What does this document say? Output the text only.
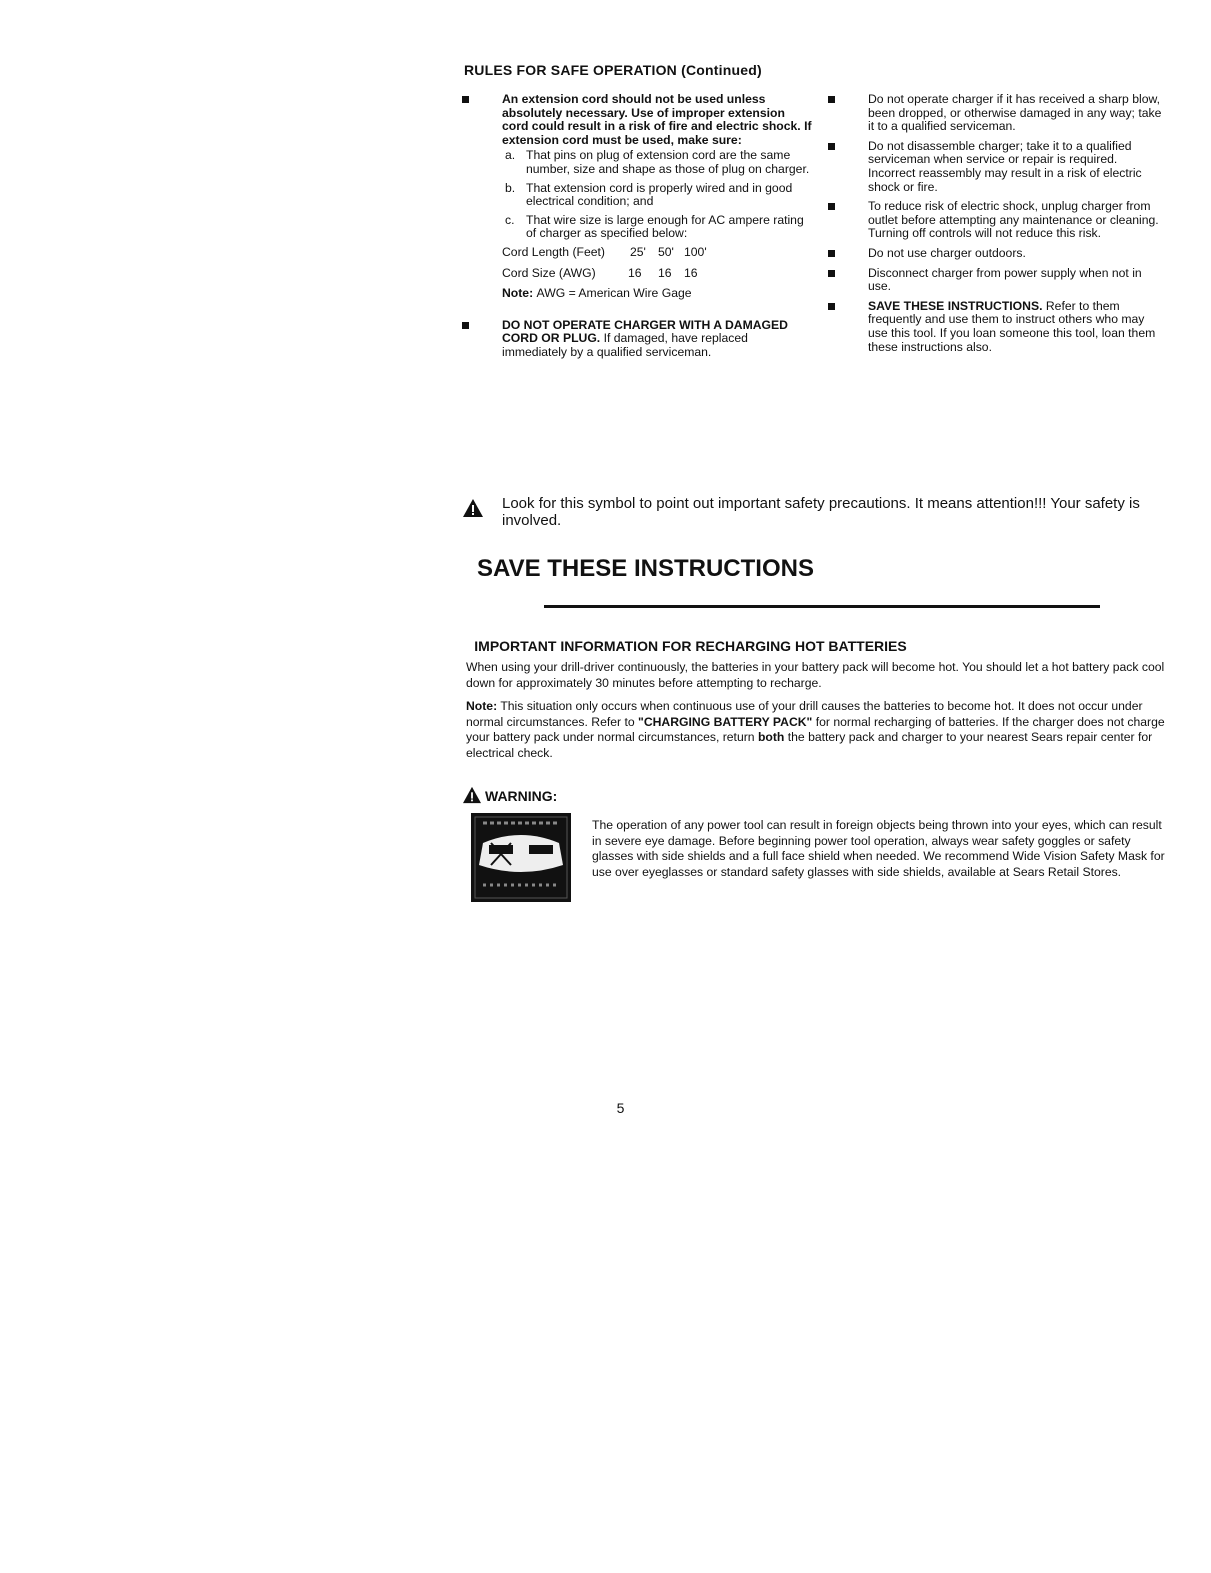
RULES FOR SAFE OPERATION (Continued)
An extension cord should not be used unless absolutely necessary. Use of improper extension cord could result in a risk of fire and electric shock. If extension cord must be used, make sure:
a. That pins on plug of extension cord are the same number, size and shape as those of plug on charger.
b. That extension cord is properly wired and in good electrical condition; and
c. That wire size is large enough for AC ampere rating of charger as specified below:
Cord Length (Feet) 25' 50' 100'
Cord Size (AWG)	16 16 16
Note: AWG = American Wire Gage
DO NOT OPERATE CHARGER WITH A DAMAGED CORD OR PLUG. If damaged, have replaced immediately by a qualified serviceman.
Do not operate charger if it has received a sharp blow, been dropped, or otherwise damaged in any way; take it to a qualified serviceman.
Do not disassemble charger; take it to a qualified serviceman when service or repair is required. Incorrect reassembly may result in a risk of electric shock or fire.
To reduce risk of electric shock, unplug charger from outlet before attempting any maintenance or cleaning. Turning off controls will not reduce this risk.
Do not use charger outdoors.
Disconnect charger from power supply when not in use.
SAVE THESE INSTRUCTIONS. Refer to them frequently and use them to instruct others who may use this tool. If you loan someone this tool, loan them these instructions also.
Look for this symbol to point out important safety precautions. It means attention!!! Your safety is involved.
SAVE THESE INSTRUCTIONS
IMPORTANT INFORMATION FOR RECHARGING HOT BATTERIES
When using your drill-driver continuously, the batteries in your battery pack will become hot. You should let a hot battery pack cool down for approximately 30 minutes before attempting to recharge.
Note: This situation only occurs when continuous use of your drill causes the batteries to become hot. It does not occur under normal circumstances. Refer to "CHARGING BATTERY PACK" for normal recharging of batteries. If the charger does not charge your battery pack under normal circumstances, return both the battery pack and charger to your nearest Sears repair center for electrical check.
WARNING:
The operation of any power tool can result in foreign objects being thrown into your eyes, which can result in severe eye damage. Before beginning power tool operation, always wear safety goggles or safety glasses with side shields and a full face shield when needed. We recommend Wide Vision Safety Mask for use over eyeglasses or standard safety glasses with side shields, available at Sears Retail Stores.
5
